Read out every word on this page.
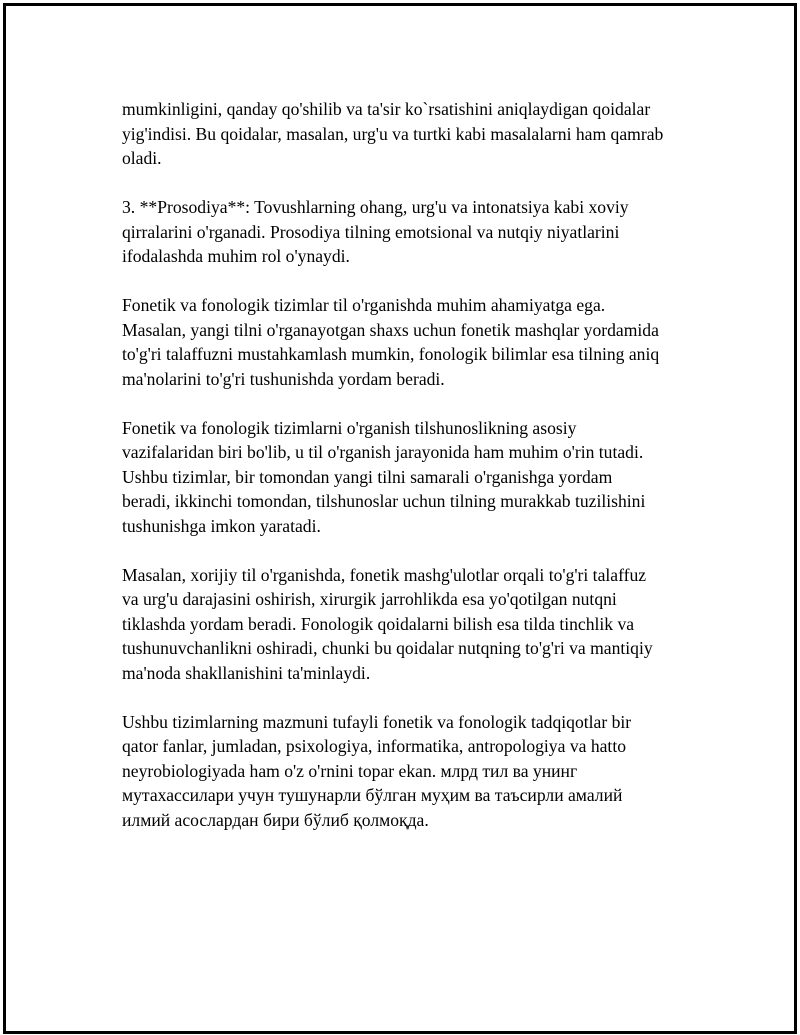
mumkinligini, qanday qo'shilib va ta'sir ko`rsatishini aniqlaydigan qoidalar
yig'indisi. Bu qoidalar, masalan, urg'u va turtki kabi masalalarni ham qamrab
oladi.

3. **Prosodiya**: Tovushlarning ohang, urg'u va intonatsiya kabi xoviy
qirralarini o'rganadi. Prosodiya tilning emotsional va nutqiy niyatlarini
ifodalashda muhim rol o'ynaydi.

Fonetik va fonologik tizimlar til o'rganishda muhim ahamiyatga ega.
Masalan, yangi tilni o'rganayotgan shaxs uchun fonetik mashqlar yordamida
to'g'ri talaffuzni mustahkamlash mumkin, fonologik bilimlar esa tilning aniq
ma'nolarini to'g'ri tushunishda yordam beradi.

Fonetik va fonologik tizimlarni o'rganish tilshunoslikning asosiy
vazifalaridan biri bo'lib, u til o'rganish jarayonida ham muhim o'rin tutadi.
Ushbu tizimlar, bir tomondan yangi tilni samarali o'rganishga yordam
beradi, ikkinchi tomondan, tilshunoslar uchun tilning murakkab tuzilishini
tushunishga imkon yaratadi.

Masalan, xorijiy til o'rganishda, fonetik mashg'ulotlar orqali to'g'ri talaffuz
va urg'u darajasini oshirish, xirurgik jarrohlikda esa yo'qotilgan nutqni
tiklashda yordam beradi. Fonologik qoidalarni bilish esa tilda tinchlik va
tushunuvchanlikni oshiradi, chunki bu qoidalar nutqning to'g'ri va mantiqiy
ma'noda shakllanishini ta'minlaydi.

Ushbu tizimlarning mazmuni tufayli fonetik va fonologik tadqiqotlar bir
qator fanlar, jumladan, psixologiya, informatika, antropologiya va hatto
neyrobiologiyada ham o'z o'rnini topar ekan. млрд тил ва унинг
мутахассилари учун тушунарли бўлган муҳим ва таъсирли амалий
илмий асослардан бири бўлиб қолмоқда.
